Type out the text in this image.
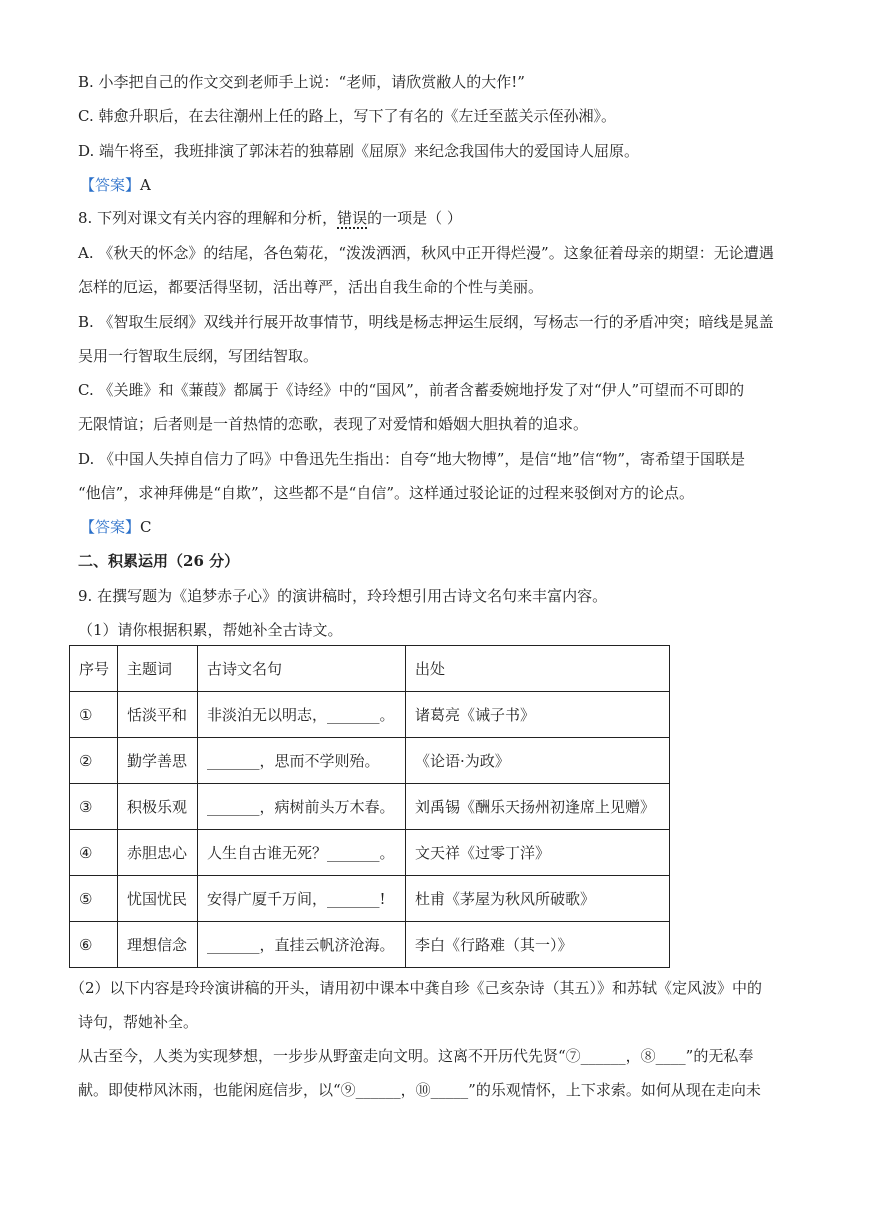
B. 小李把自己的作文交到老师手上说：“老师，请欣赏敝人的大作!”
C. 韩愈升职后，在去往潮州上任的路上，写下了有名的《左迁至蓝关示侄孙湘》。
D. 端午将至，我班排演了郭沫若的独幕剧《屈原》来纪念我国伟大的爱国诗人屈原。
【答案】A
8. 下列对课文有关内容的理解和分析，错误的一项是（ ）
A. 《秋天的怀念》的结尾，各色菊花，“泼泼洒洒，秋风中正开得烂漫”。这象征着母亲的期望：无论遭遇
怎样的厄运，都要活得坚韧，活出尊严，活出自我生命的个性与美丽。
B. 《智取生辰纲》双线并行展开故事情节，明线是杨志押运生辰纲，写杨志一行的矛盾冲突；暗线是晁盖
吴用一行智取生辰纲，写团结智取。
C. 《关雎》和《蒹葭》都属于《诗经》中的“国风”，前者含蓄委婉地抒发了对“伊人”可望而不可即的
无限情谊；后者则是一首热情的恋歌，表现了对爱情和婚姻大胆执着的追求。
D. 《中国人失掉自信力了吗》中鲁迅先生指出：自夸“地大物博”，是信“地”信“物”，寄希望于国联是
“他信”，求神拜佛是“自欺”，这些都不是“自信”。这样通过驳论证的过程来驳倒对方的论点。
【答案】C
二、积累运用（26 分）
9. 在撰写题为《追梦赤子心》的演讲稿时，玲玲想引用古诗文名句来丰富内容。
（1）请你根据积累，帮她补全古诗文。
序号	主题词	古诗文名句	出处
①	恬淡平和	非淡泊无以明志，_______。	诸葛亮《诫子书》
②	勤学善思	_______，思而不学则殆。	《论语·为政》
③	积极乐观	_______，病树前头万木春。	刘禹锡《酬乐天扬州初逢席上见赠》
④	赤胆忠心	人生自古谁无死？_______。	文天祥《过零丁洋》
⑤	忧国忧民	安得广厦千万间，_______!	杜甫《茅屋为秋风所破歌》
⑥	理想信念	_______，直挂云帆济沧海。	李白《行路难（其一）》
（2）以下内容是玲玲演讲稿的开头，请用初中课本中龚自珍《己亥杂诗（其五）》和苏轼《定风波》中的
诗句，帮她补全。
从古至今，人类为实现梦想，一步步从野蛮走向文明。这离不开历代先贤“⑦______，⑧____”的无私奉
献。即使栉风沐雨，也能闲庭信步，以“⑨______，⑩_____”的乐观情怀，上下求索。如何从现在走向未
